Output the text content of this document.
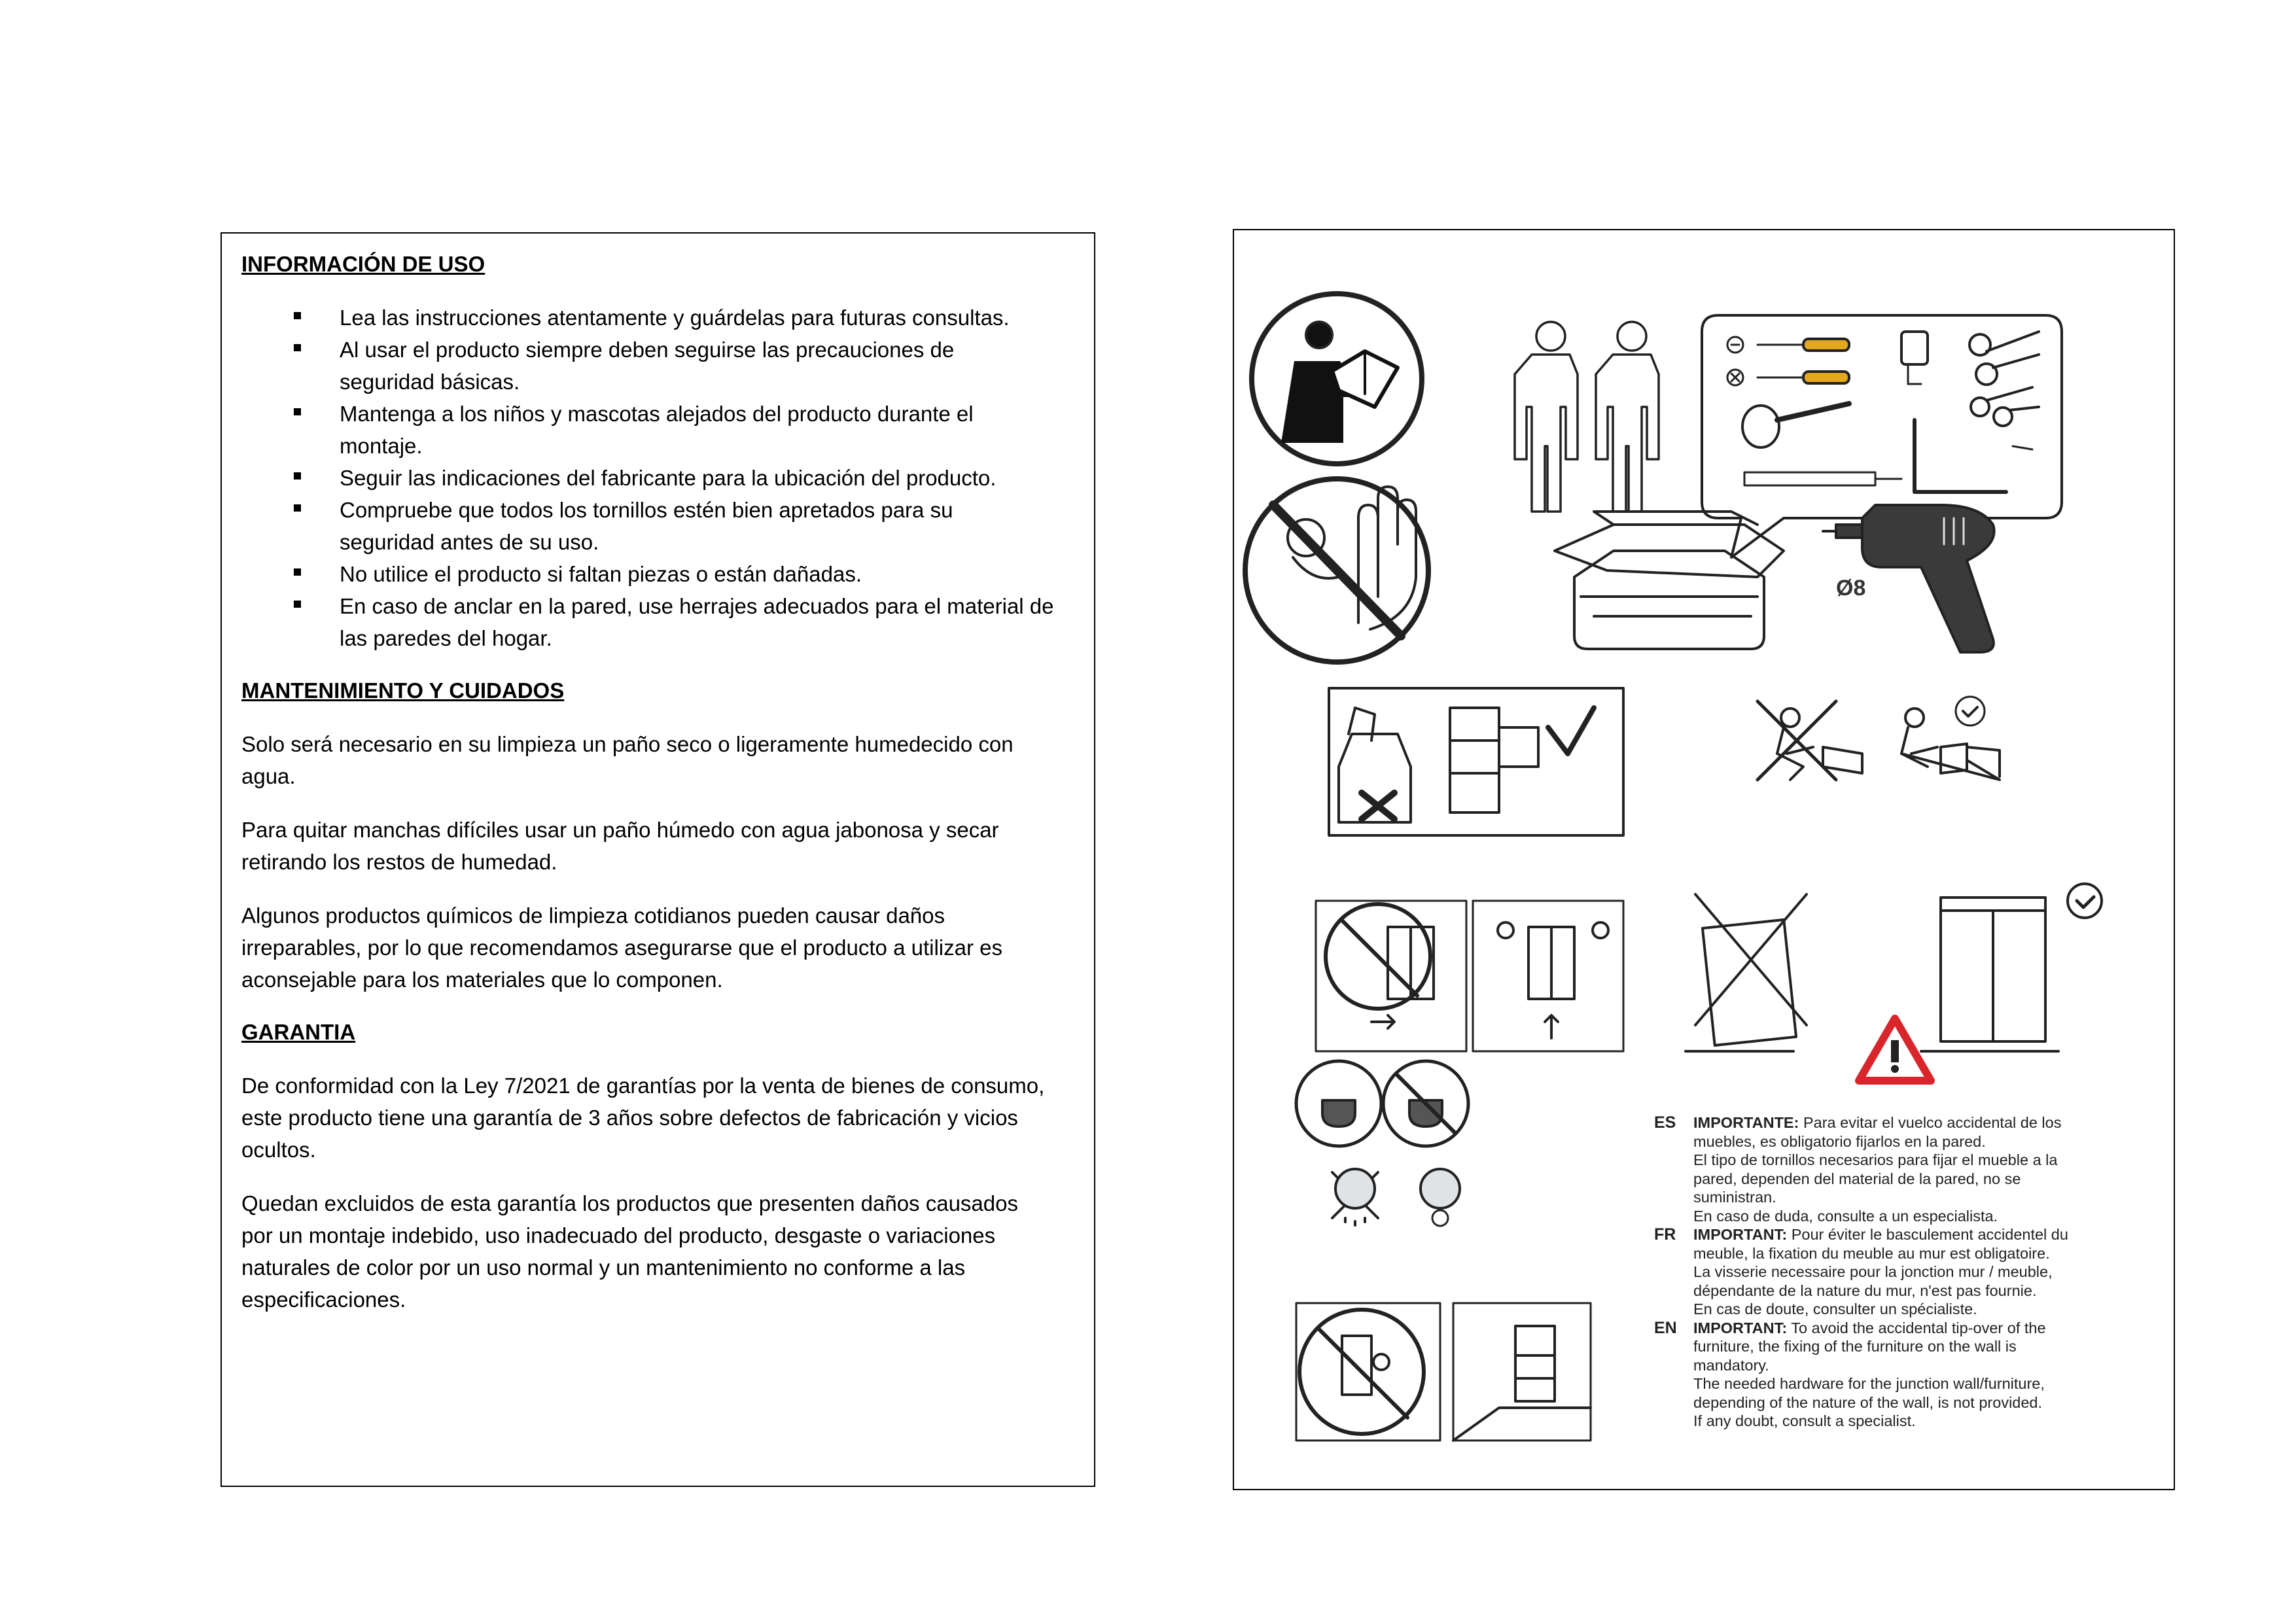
INFORMACIÓN DE USO
Lea las instrucciones atentamente y guárdelas para futuras consultas.
Al usar el producto siempre deben seguirse las precauciones de
seguridad básicas.
Mantenga a los niños y mascotas alejados del producto durante el
montaje.
Seguir las indicaciones del fabricante para la ubicación del producto.
Compruebe que todos los tornillos estén bien apretados para su
seguridad antes de su uso.
No utilice el producto si faltan piezas o están dañadas.
En caso de anclar en la pared, use herrajes adecuados para el material de
las paredes del hogar.
MANTENIMIENTO Y CUIDADOS

Solo será necesario en su limpieza un paño seco o ligeramente humedecido con
agua.

Para quitar manchas difíciles usar un paño húmedo con agua jabonosa y secar
retirando los restos de humedad.

Algunos productos químicos de limpieza cotidianos pueden causar daños
irreparables, por lo que recomendamos asegurarse que el producto a utilizar es
aconsejable para los materiales que lo componen.

GARANTIA

De conformidad con la Ley 7/2021 de garantías por la venta de bienes de consumo,
este producto tiene una garantía de 3 años sobre defectos de fabricación y vicios
ocultos.

Quedan excluidos de esta garantía los productos que presenten daños causados
por un montaje indebido, uso inadecuado del producto, desgaste o variaciones
naturales de color por un uso normal y un mantenimiento no conforme a las
especificaciones.

Ø8
ES IMPORTANTE: Para evitar el vuelco accidental de los
muebles, es obligatorio fijarlos en la pared.
El tipo de tornillos necesarios para fijar el mueble a la
pared, dependen del material de la pared, no se
suministran.
En caso de duda, consulte a un especialista.
FR IMPORTANT: Pour éviter le basculement accidentel du
meuble, la fixation du meuble au mur est obligatoire.
La visserie necessaire pour la jonction mur / meuble,
dépendante de la nature du mur, n'est pas fournie.
En cas de doute, consulter un spécialiste.
EN IMPORTANT: To avoid the accidental tip-over of the
furniture, the fixing of the furniture on the wall is
mandatory.
The needed hardware for the junction wall/furniture,
depending of the nature of the wall, is not provided.
If any doubt, consult a specialist.
